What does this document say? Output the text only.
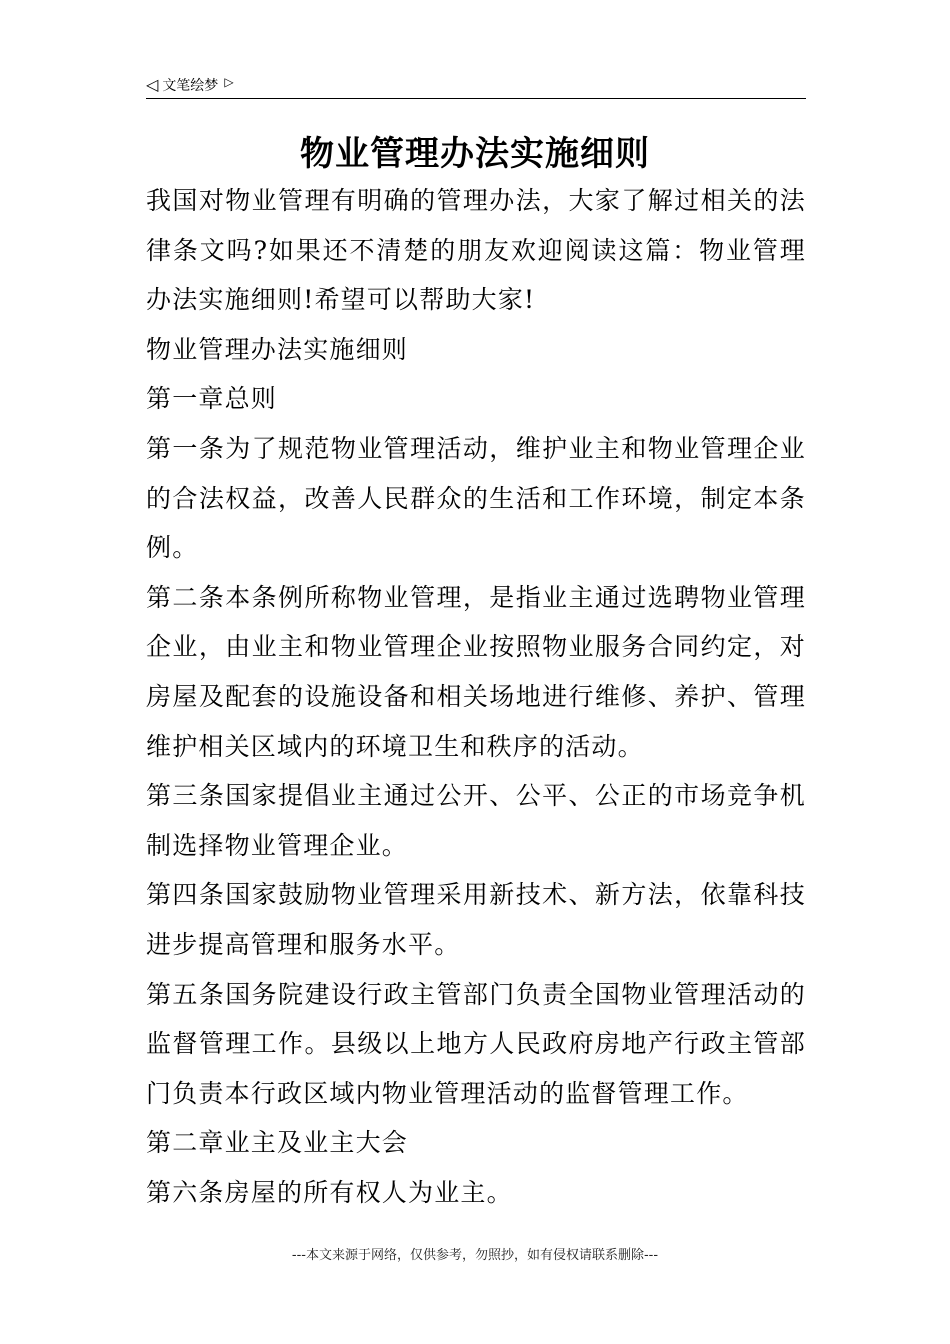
◁ 文笔绘梦 ▷
物业管理办法实施细则

我国对物业管理有明确的管理办法，大家了解过相关的法律条文吗?如果还不清楚的朋友欢迎阅读这篇：物业管理办法实施细则!希望可以帮助大家!

物业管理办法实施细则

第一章总则

第一条为了规范物业管理活动，维护业主和物业管理企业的合法权益，改善人民群众的生活和工作环境，制定本条例。

第二条本条例所称物业管理，是指业主通过选聘物业管理企业，由业主和物业管理企业按照物业服务合同约定，对房屋及配套的设施设备和相关场地进行维修、养护、管理维护相关区域内的环境卫生和秩序的活动。

第三条国家提倡业主通过公开、公平、公正的市场竞争机制选择物业管理企业。

第四条国家鼓励物业管理采用新技术、新方法，依靠科技进步提高管理和服务水平。

第五条国务院建设行政主管部门负责全国物业管理活动的监督管理工作。县级以上地方人民政府房地产行政主管部门负责本行政区域内物业管理活动的监督管理工作。

第二章业主及业主大会

第六条房屋的所有权人为业主。

---本文来源于网络，仅供参考，勿照抄，如有侵权请联系删除---
